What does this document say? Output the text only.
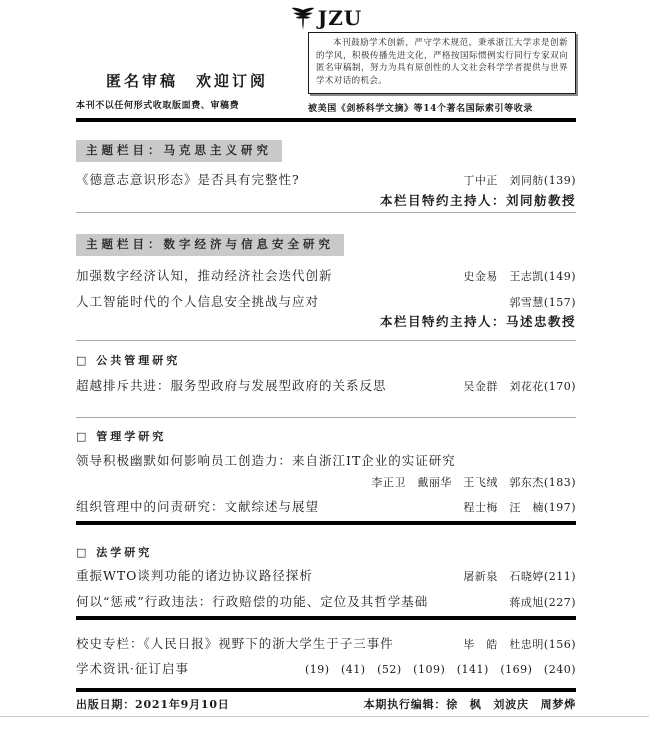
JZU
匿名审稿　欢迎订阅
本刊不以任何形式收取版面费、审稿费
本刊鼓励学术创新，严守学术规范，秉承浙江大学求是创新的学风，积极传播先进文化，严格按国际惯例实行同行专家双向匿名审稿制，努力为具有原创性的人文社会科学学者提供与世界学术对话的机会。
被美国《剑桥科学文摘》等14个著名国际索引等收录
主题栏目：马克思主义研究
《德意志意识形态》是否具有完整性?	丁中正　刘同舫(139)
本栏目特约主持人：刘同舫教授
主题栏目：数字经济与信息安全研究
加强数字经济认知，推动经济社会迭代创新	史金易　王志凯(149)
人工智能时代的个人信息安全挑战与应对	郭雪慧(157)
本栏目特约主持人：马述忠教授
□ 公共管理研究
超越排斥共进：服务型政府与发展型政府的关系反思	吴金群　刘花花(170)
□ 管理学研究
领导积极幽默如何影响员工创造力：来自浙江IT企业的实证研究
李正卫　戴丽华　王飞绒　郭东杰(183)
组织管理中的问责研究：文献综述与展望	程士梅　汪　楠(197)
□ 法学研究
重振WTO谈判功能的诸边协议路径探析	屠新泉　石晓婷(211)
何以“惩戒”行政违法：行政赔偿的功能、定位及其哲学基础	蒋成旭(227)
校史专栏：《人民日报》视野下的浙大学生于子三事件	毕　皓　杜忠明(156)
学术资讯·征订启事	(19)　(41)　(52)　(109)　(141)　(169)　(240)
出版日期：2021年9月10日	本期执行编辑：徐　枫　刘波庆　周梦烨
